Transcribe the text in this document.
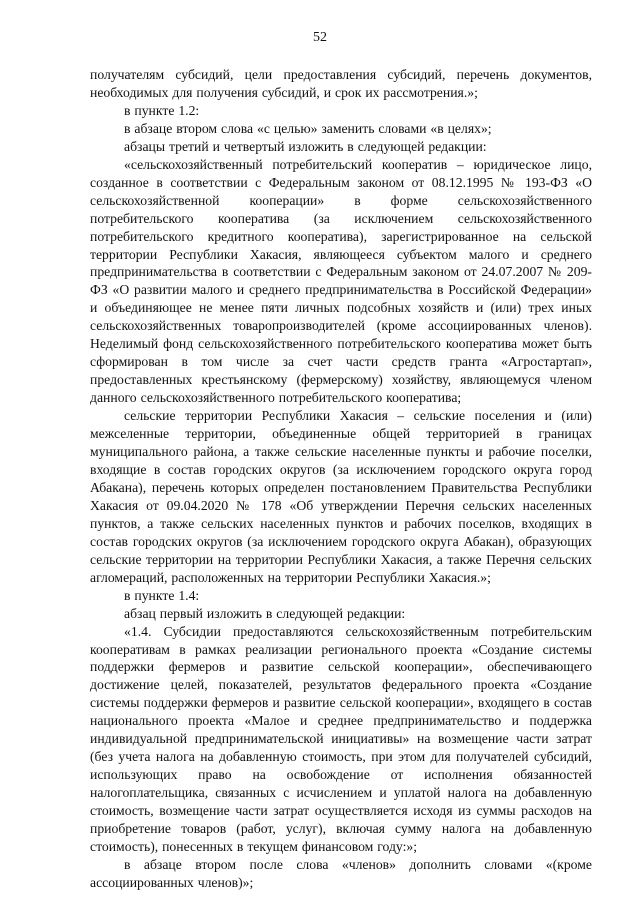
52

получателям субсидий, цели предоставления субсидий, перечень документов, необходимых для получения субсидий, и срок их рассмотрения.»;

в пункте 1.2:

в абзаце втором слова «с целью» заменить словами «в целях»;

абзацы третий и четвертый изложить в следующей редакции:

«сельскохозяйственный потребительский кооператив – юридическое лицо, созданное в соответствии с Федеральным законом от 08.12.1995 № 193-ФЗ «О сельскохозяйственной кооперации» в форме сельскохозяйственного потребительского кооператива (за исключением сельскохозяйственного потребительского кредитного кооператива), зарегистрированное на сельской территории Республики Хакасия, являющееся субъектом малого и среднего предпринимательства в соответствии с Федеральным законом от 24.07.2007 № 209-ФЗ «О развитии малого и среднего предпринимательства в Российской Федерации» и объединяющее не менее пяти личных подсобных хозяйств и (или) трех иных сельскохозяйственных товаропроизводителей (кроме ассоциированных членов). Неделимый фонд сельскохозяйственного потребительского кооператива может быть сформирован в том числе за счет части средств гранта «Агростартап», предоставленных крестьянскому (фермерскому) хозяйству, являющемуся членом данного сельскохозяйственного потребительского кооператива;

сельские территории Республики Хакасия – сельские поселения и (или) межселенные территории, объединенные общей территорией в границах муниципального района, а также сельские населенные пункты и рабочие поселки, входящие в состав городских округов (за исключением городского округа город Абакана), перечень которых определен постановлением Правительства Республики Хакасия от 09.04.2020 № 178 «Об утверждении Перечня сельских населенных пунктов, а также сельских населенных пунктов и рабочих поселков, входящих в состав городских округов (за исключением городского округа Абакан), образующих сельские территории на территории Республики Хакасия, а также Перечня сельских агломераций, расположенных на территории Республики Хакасия.»;

в пункте 1.4:

абзац первый изложить в следующей редакции:

«1.4. Субсидии предоставляются сельскохозяйственным потребительским кооперативам в рамках реализации регионального проекта «Создание системы поддержки фермеров и развитие сельской кооперации», обеспечивающего достижение целей, показателей, результатов федерального проекта «Создание системы поддержки фермеров и развитие сельской кооперации», входящего в состав национального проекта «Малое и среднее предпринимательство и поддержка индивидуальной предпринимательской инициативы» на возмещение части затрат (без учета налога на добавленную стоимость, при этом для получателей субсидий, использующих право на освобождение от исполнения обязанностей налогоплательщика, связанных с исчислением и уплатой налога на добавленную стоимость, возмещение части затрат осуществляется исходя из суммы расходов на приобретение товаров (работ, услуг), включая сумму налога на добавленную стоимость), понесенных в текущем финансовом году:»;

в абзаце втором после слова «членов» дополнить словами «(кроме ассоциированных членов)»;
